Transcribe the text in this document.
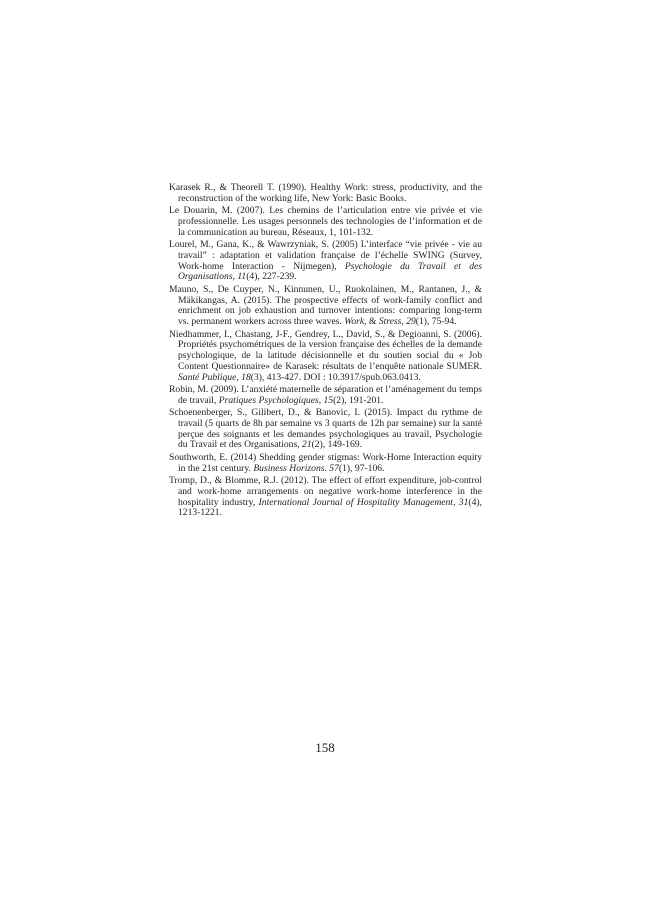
Karasek R., & Theorell T. (1990). Healthy Work: stress, productivity, and the reconstruction of the working life, New York: Basic Books.

Le Douarin, M. (2007). Les chemins de l’articulation entre vie privée et vie professionnelle. Les usages personnels des technologies de l’information et de la communication au bureau, Réseaux, 1, 101-132.

Lourel, M., Gana, K., & Wawrzyniak, S. (2005) L’interface “vie privée - vie au travail” : adaptation et validation française de l’échelle SWING (Survey, Work-home Interaction - Nijmegen), Psychologie du Travail et des Organisations, 11(4), 227-239.

Mauno, S., De Cuyper, N., Kinnunen, U., Ruokolainen, M., Rantanen, J., & Mäkikangas, A. (2015). The prospective effects of work-family conflict and enrichment on job exhaustion and turnover intentions: comparing long-term vs. permanent workers across three waves. Work, & Stress, 29(1), 75-94.

Niedhammer, I., Chastang, J-F., Gendrey, L., David, S., & Degioanni, S. (2006). Propriétés psychométriques de la version française des échelles de la demande psychologique, de la latitude décisionnelle et du soutien social du « Job Content Questionnaire» de Karasek: résultats de l’enquête nationale SUMER. Santé Publique, 18(3), 413-427. DOI : 10.3917/spub.063.0413.

Robin, M. (2009). L’anxiété maternelle de séparation et l’aménagement du temps de travail, Pratiques Psychologiques, 15(2), 191-201.

Schoenenberger, S., Gilibert, D., & Banovic, I. (2015). Impact du rythme de travail (5 quarts de 8h par semaine vs 3 quarts de 12h par semaine) sur la santé perçue des soignants et les demandes psychologiques au travail, Psychologie du Travail et des Organisations, 21(2), 149-169.

Southworth, E. (2014) Shedding gender stigmas: Work-Home Interaction equity in the 21st century. Business Horizons. 57(1), 97-106.

Tromp, D., & Blomme, R.J. (2012). The effect of effort expenditure, job-control and work-home arrangements on negative work-home interference in the hospitality industry, International Journal of Hospitality Management, 31(4), 1213-1221.

158
